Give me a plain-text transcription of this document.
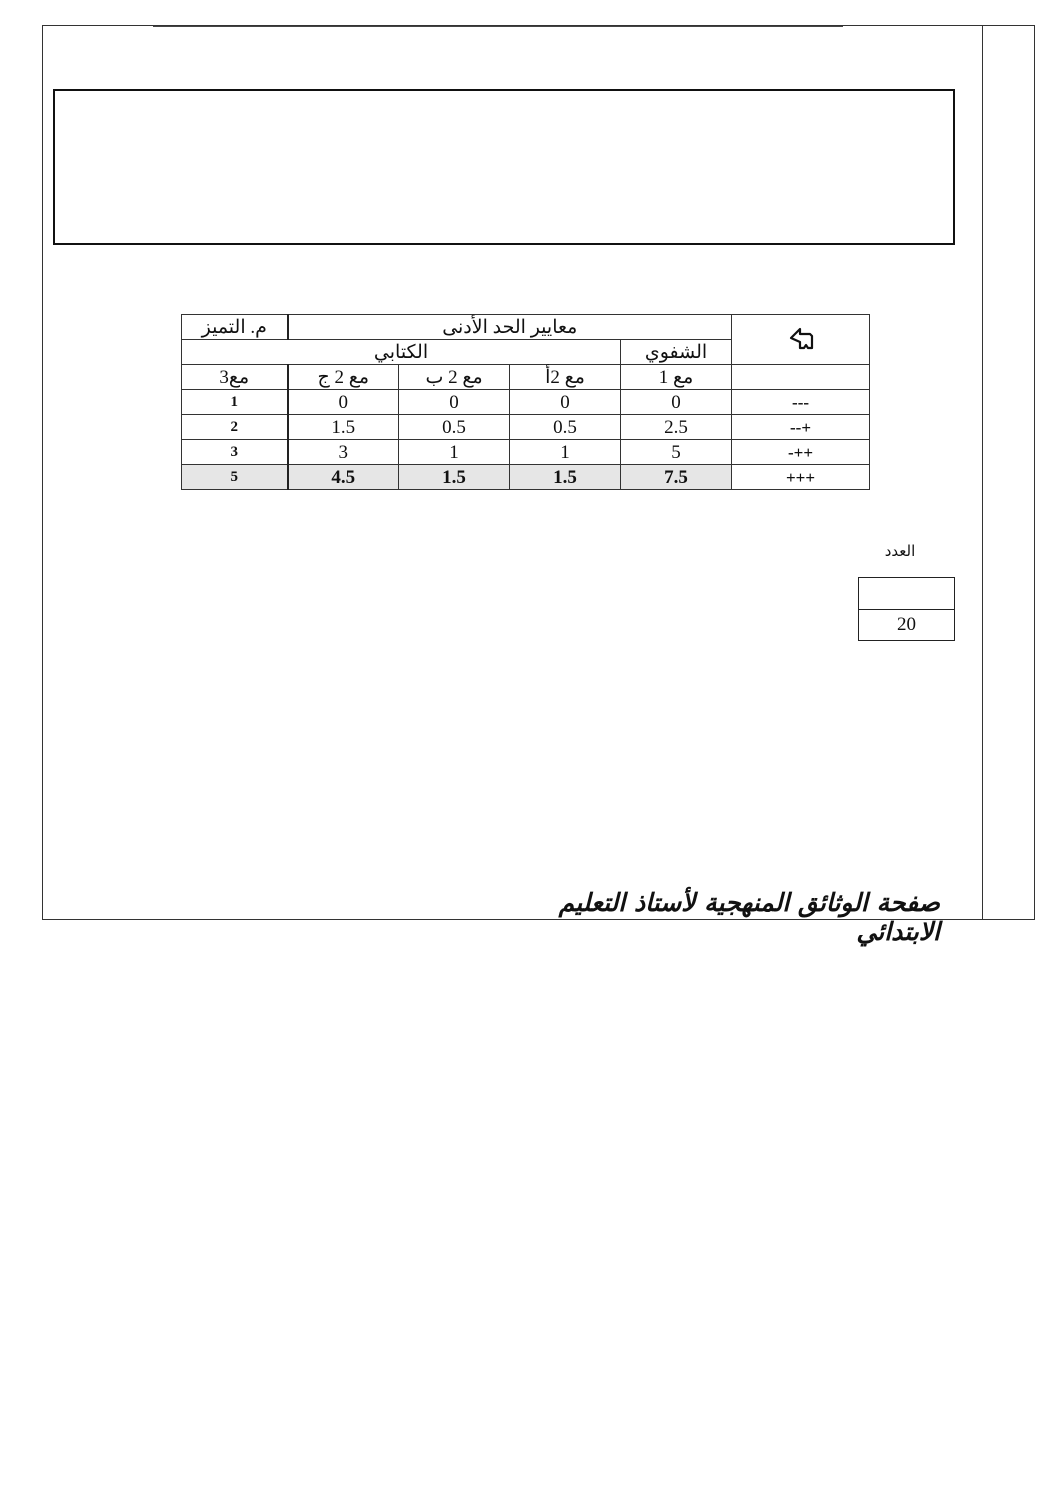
	معايير الحد الأدنى				م. التميز
	الشفوي	الكتابي			
	مع 1	مع 2أ	مع 2 ب	مع 2 ج	مع3
---	0	0	0	0	1
+--	2.5	0.5	0.5	1.5	2
++-	5	1	1	3	3
+++	7.5	1.5	1.5	4.5	5
العدد
20
صفحة الوثائق المنهجية لأستاذ التعليم الابتدائي
